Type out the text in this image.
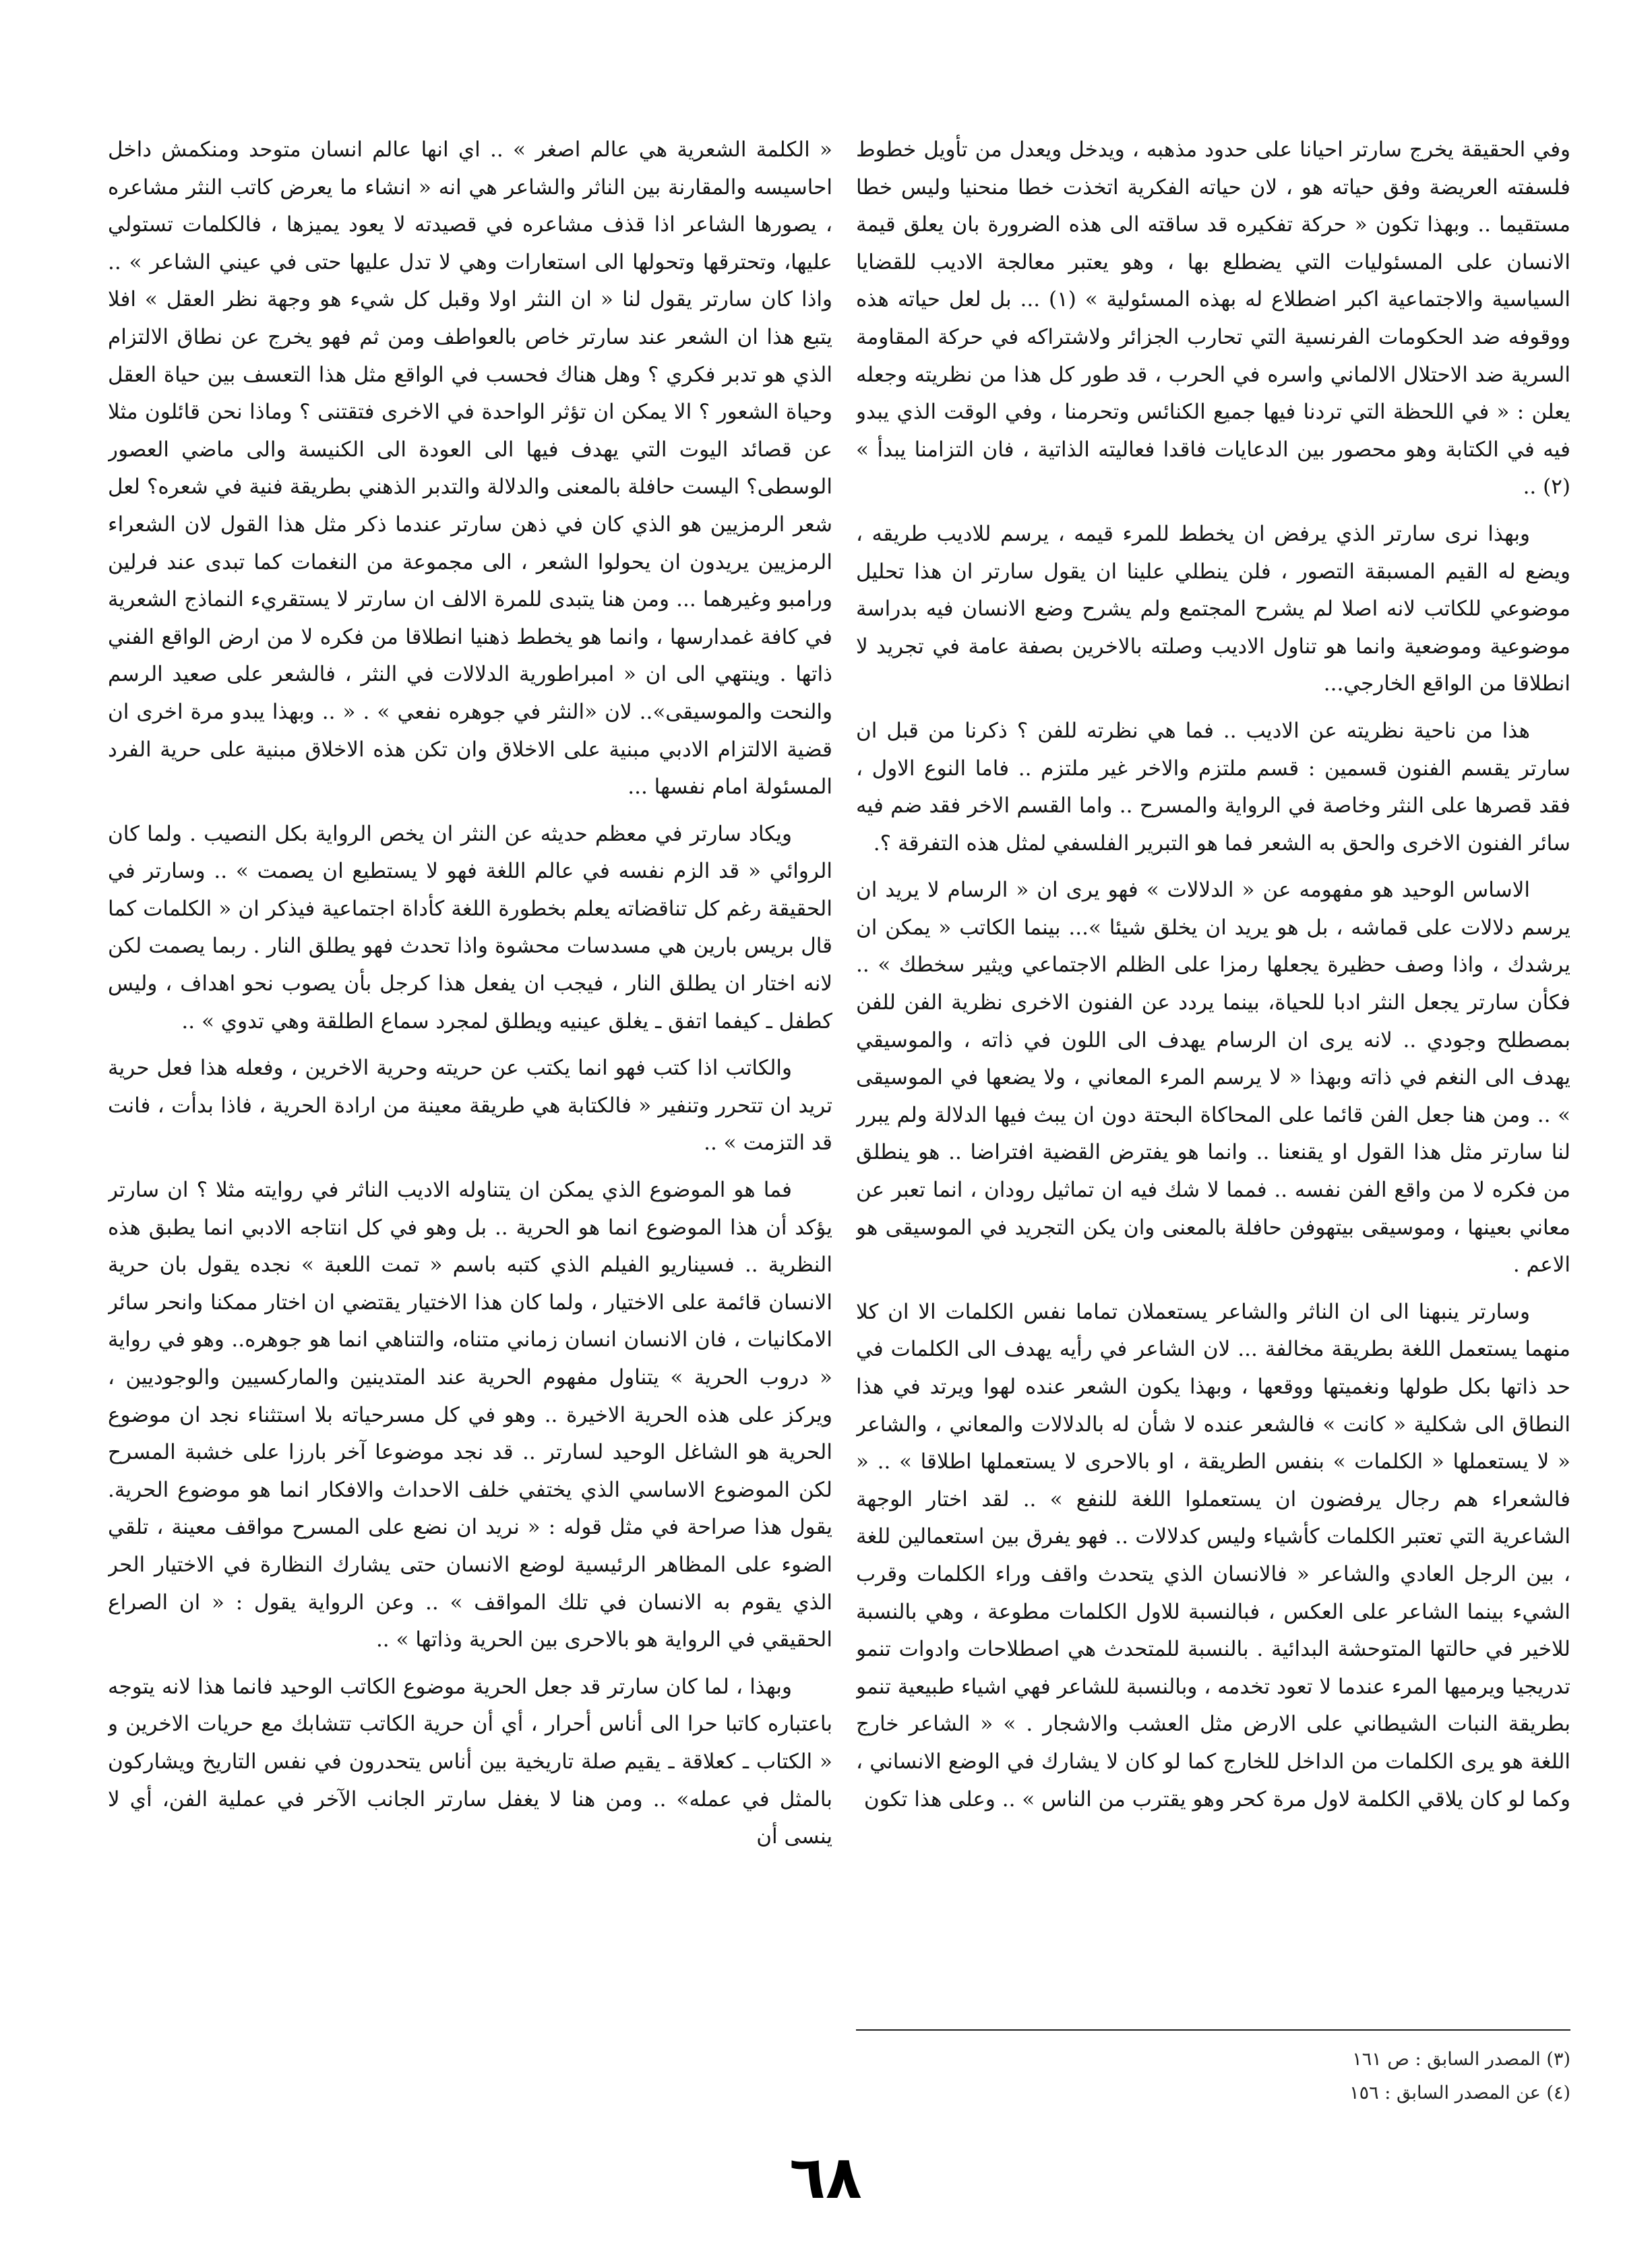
وفي الحقيقة يخرج سارتر احيانا على حدود مذهبه ، ويدخل ويعدل من تأويل خطوط فلسفته العريضة وفق حياته هو ، لان حياته الفكرية اتخذت خطا منحنيا وليس خطا مستقيما .. وبهذا تكون « حركة تفكيره قد ساقته الى هذه الضرورة بان يعلق قيمة الانسان على المسئوليات التي يضطلع بها ، وهو يعتبر معالجة الاديب للقضايا السياسية والاجتماعية اكبر اضطلاع له بهذه المسئولية » (١) ... بل لعل حياته هذه ووقوفه ضد الحكومات الفرنسية التي تحارب الجزائر ولاشتراكه في حركة المقاومة السرية ضد الاحتلال الالماني واسره في الحرب ، قد طور كل هذا من نظريته وجعله يعلن : « في اللحظة التي تردنا فيها جميع الكنائس وتحرمنا ، وفي الوقت الذي يبدو فيه في الكتابة وهو محصور بين الدعايات فاقدا فعاليته الذاتية ، فان التزامنا يبدأ » (٢) ..

وبهذا نرى سارتر الذي يرفض ان يخطط للمرء قيمه ، يرسم للاديب طريقه ، ويضع له القيم المسبقة التصور ، فلن ينطلي علينا ان يقول سارتر ان هذا تحليل موضوعي للكاتب لانه اصلا لم يشرح المجتمع ولم يشرح وضع الانسان فيه بدراسة موضوعية وموضعية وانما هو تناول الاديب وصلته بالاخرين بصفة عامة في تجريد لا انطلاقا من الواقع الخارجي...

هذا من ناحية نظريته عن الاديب .. فما هي نظرته للفن ؟ ذكرنا من قبل ان سارتر يقسم الفنون قسمين : قسم ملتزم والاخر غير ملتزم .. فاما النوع الاول ، فقد قصرها على النثر وخاصة في الرواية والمسرح .. واما القسم الاخر فقد ضم فيه سائر الفنون الاخرى والحق به الشعر فما هو التبرير الفلسفي لمثل هذه التفرقة ؟.

الاساس الوحيد هو مفهومه عن « الدلالات » فهو يرى ان « الرسام لا يريد ان يرسم دلالات على قماشه ، بل هو يريد ان يخلق شيئا »... بينما الكاتب « يمكن ان يرشدك ، واذا وصف حظيرة يجعلها رمزا على الظلم الاجتماعي ويثير سخطك » .. فكأن سارتر يجعل النثر ادبا للحياة، بينما يردد عن الفنون الاخرى نظرية الفن للفن بمصطلح وجودي .. لانه يرى ان الرسام يهدف الى اللون في ذاته ، والموسيقي يهدف الى النغم في ذاته وبهذا « لا يرسم المرء المعاني ، ولا يضعها في الموسيقى » .. ومن هنا جعل الفن قائما على المحاكاة البحتة دون ان يبث فيها الدلالة ولم يبرر لنا سارتر مثل هذا القول او يقنعنا .. وانما هو يفترض القضية افتراضا .. هو ينطلق من فكره لا من واقع الفن نفسه .. فمما لا شك فيه ان تماثيل رودان ، انما تعبر عن معاني بعينها ، وموسيقى بيتهوفن حافلة بالمعنى وان يكن التجريد في الموسيقى هو الاعم .

وسارتر ينبهنا الى ان الناثر والشاعر يستعملان تماما نفس الكلمات الا ان كلا منهما يستعمل اللغة بطريقة مخالفة ... لان الشاعر في رأيه يهدف الى الكلمات في حد ذاتها بكل طولها ونغميتها ووقعها ، وبهذا يكون الشعر عنده لهوا ويرتد في هذا النطاق الى شكلية « كانت » فالشعر عنده لا شأن له بالدلالات والمعاني ، والشاعر « لا يستعملها « الكلمات » بنفس الطريقة ، او بالاحرى لا يستعملها اطلاقا » .. « فالشعراء هم رجال يرفضون ان يستعملوا اللغة للنفع » .. لقد اختار الوجهة الشاعرية التي تعتبر الكلمات كأشياء وليس كدلالات .. فهو يفرق بين استعمالين للغة ، بين الرجل العادي والشاعر « فالانسان الذي يتحدث واقف وراء الكلمات وقرب الشيء بينما الشاعر على العكس ، فبالنسبة للاول الكلمات مطوعة ، وهي بالنسبة للاخير في حالتها المتوحشة البدائية . بالنسبة للمتحدث هي اصطلاحات وادوات تنمو تدريجيا ويرميها المرء عندما لا تعود تخدمه ، وبالنسبة للشاعر فهي اشياء طبيعية تنمو بطريقة النبات الشيطاني على الارض مثل العشب والاشجار . » « الشاعر خارج اللغة هو يرى الكلمات من الداخل للخارج كما لو كان لا يشارك في الوضع الانساني ، وكما لو كان يلاقي الكلمة لاول مرة كحر وهو يقترب من الناس » .. وعلى هذا تكون

(٣) المصدر السابق : ص ١٦١
(٤) عن المصدر السابق : ١٥٦

« الكلمة الشعرية هي عالم اصغر » .. اي انها عالم انسان متوحد ومنكمش داخل احاسيسه والمقارنة بين الناثر والشاعر هي انه « انشاء ما يعرض كاتب النثر مشاعره ، يصورها الشاعر اذا قذف مشاعره في قصيدته لا يعود يميزها ، فالكلمات تستولي عليها، وتحترقها وتحولها الى استعارات وهي لا تدل عليها حتى في عيني الشاعر » .. واذا كان سارتر يقول لنا « ان النثر اولا وقبل كل شيء هو وجهة نظر العقل » افلا يتبع هذا ان الشعر عند سارتر خاص بالعواطف ومن ثم فهو يخرج عن نطاق الالتزام الذي هو تدبر فكري ؟ وهل هناك فحسب في الواقع مثل هذا التعسف بين حياة العقل وحياة الشعور ؟ الا يمكن ان تؤثر الواحدة في الاخرى فتقتنى ؟ وماذا نحن قائلون مثلا عن قصائد اليوت التي يهدف فيها الى العودة الى الكنيسة والى ماضي العصور الوسطى؟ اليست حافلة بالمعنى والدلالة والتدبر الذهني بطريقة فنية في شعره؟ لعل شعر الرمزيين هو الذي كان في ذهن سارتر عندما ذكر مثل هذا القول لان الشعراء الرمزيين يريدون ان يحولوا الشعر ، الى مجموعة من النغمات كما تبدى عند فرلين ورامبو وغيرهما ... ومن هنا يتبدى للمرة الالف ان سارتر لا يستقريء النماذج الشعرية في كافة غمدارسها ، وانما هو يخطط ذهنيا انطلاقا من فكره لا من ارض الواقع الفني ذاتها . وينتهي الى ان « امبراطورية الدلالات في النثر ، فالشعر على صعيد الرسم والنحت والموسيقى».. لان «النثر في جوهره نفعي » . « .. وبهذا يبدو مرة اخرى ان قضية الالتزام الادبي مبنية على الاخلاق وان تكن هذه الاخلاق مبنية على حرية الفرد المسئولة امام نفسها ...

ويكاد سارتر في معظم حديثه عن النثر ان يخص الرواية بكل النصيب . ولما كان الروائي « قد الزم نفسه في عالم اللغة فهو لا يستطيع ان يصمت » .. وسارتر في الحقيقة رغم كل تناقضاته يعلم بخطورة اللغة كأداة اجتماعية فيذكر ان « الكلمات كما قال بريس بارين هي مسدسات محشوة واذا تحدث فهو يطلق النار . ربما يصمت لكن لانه اختار ان يطلق النار ، فيجب ان يفعل هذا كرجل بأن يصوب نحو اهداف ، وليس كطفل ـ كيفما اتفق ـ يغلق عينيه ويطلق لمجرد سماع الطلقة وهي تدوي » ..

والكاتب اذا كتب فهو انما يكتب عن حريته وحرية الاخرين ، وفعله هذا فعل حرية تريد ان تتحرر وتنفير « فالكتابة هي طريقة معينة من ارادة الحرية ، فاذا بدأت ، فانت قد التزمت » ..

فما هو الموضوع الذي يمكن ان يتناوله الاديب الناثر في روايته مثلا ؟ ان سارتر يؤكد أن هذا الموضوع انما هو الحرية .. بل وهو في كل انتاجه الادبي انما يطبق هذه النظرية .. فسيناريو الفيلم الذي كتبه باسم « تمت اللعبة » نجده يقول بان حرية الانسان قائمة على الاختيار ، ولما كان هذا الاختيار يقتضي ان اختار ممكنا وانحر سائر الامكانيات ، فان الانسان انسان زماني متناه، والتناهي انما هو جوهره.. وهو في رواية « دروب الحرية » يتناول مفهوم الحرية عند المتدينين والماركسيين والوجوديين ، ويركز على هذه الحرية الاخيرة .. وهو في كل مسرحياته بلا استثناء نجد ان موضوع الحرية هو الشاغل الوحيد لسارتر .. قد نجد موضوعا آخر بارزا على خشبة المسرح لكن الموضوع الاساسي الذي يختفي خلف الاحداث والافكار انما هو موضوع الحرية. يقول هذا صراحة في مثل قوله : « نريد ان نضع على المسرح مواقف معينة ، تلقي الضوء على المظاهر الرئيسية لوضع الانسان حتى يشارك النظارة في الاختيار الحر الذي يقوم به الانسان في تلك المواقف » .. وعن الرواية يقول : « ان الصراع الحقيقي في الرواية هو بالاحرى بين الحرية وذاتها » ..

وبهذا ، لما كان سارتر قد جعل الحرية موضوع الكاتب الوحيد فانما هذا لانه يتوجه باعتباره كاتبا حرا الى أناس أحرار ، أي أن حرية الكاتب تتشابك مع حريات الاخرين و « الكتاب ـ كعلاقة ـ يقيم صلة تاريخية بين أناس يتحدرون في نفس التاريخ ويشاركون بالمثل في عمله» .. ومن هنا لا يغفل سارتر الجانب الآخر في عملية الفن، أي لا ينسى أن

٦٨
